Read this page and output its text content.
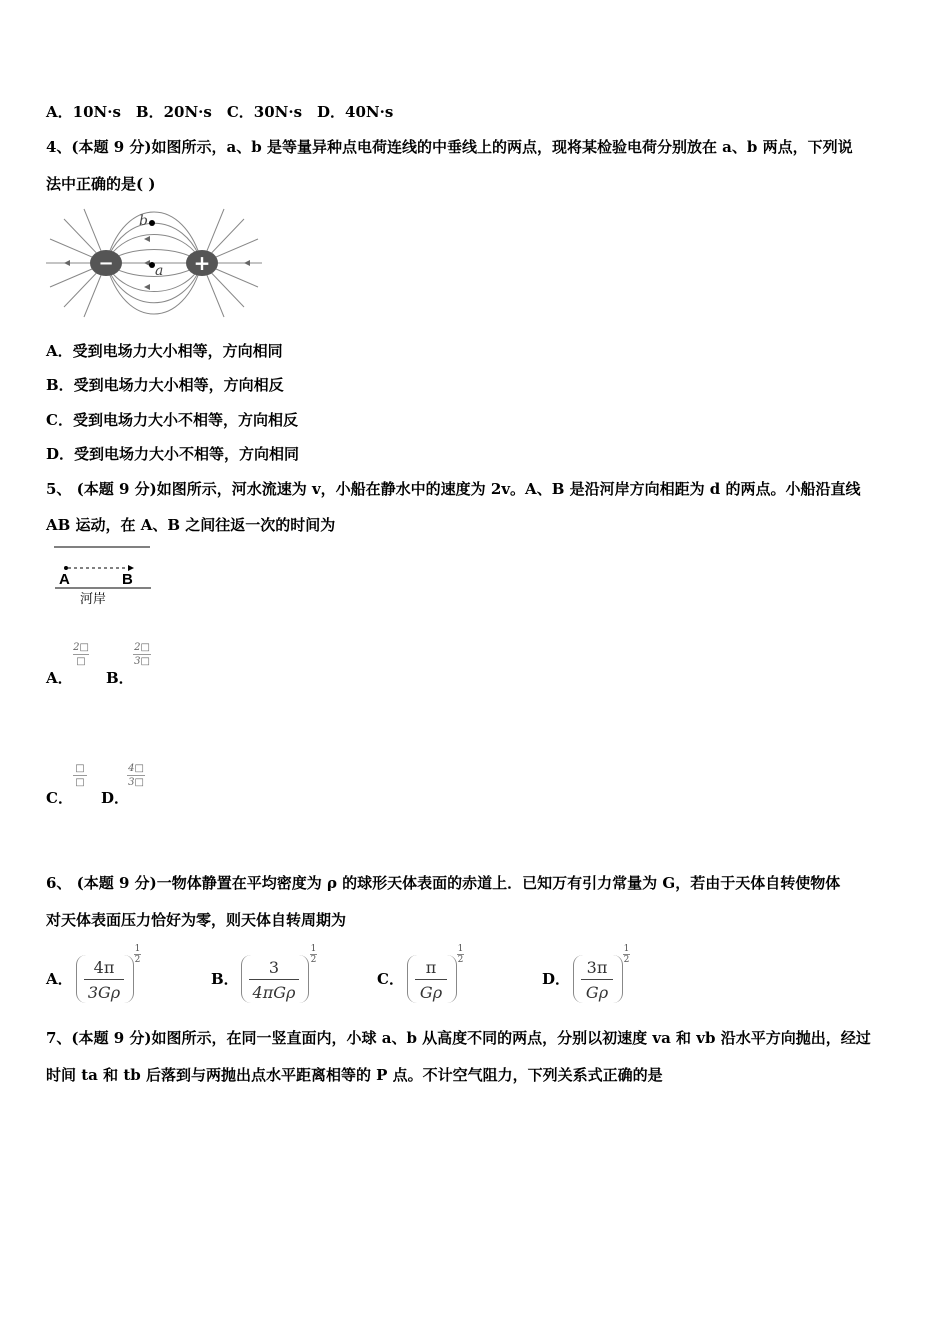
A．10N·s　B．20N·s　C．30N·s　D．40N·s
4、(本题 9 分)如图所示，a、b 是等量异种点电荷连线的中垂线上的两点，现将某检验电荷分别放在 a、b 两点，下列说
法中正确的是( )
−	+
b
a
A．受到电场力大小相等，方向相同
B．受到电场力大小相等，方向相反
C．受到电场力大小不相等，方向相反
D．受到电场力大小不相等，方向相同
5、 (本题 9 分)如图所示，河水流速为 v，小船在静水中的速度为 2v。A、B 是沿河岸方向相距为 d 的两点。小船沿直线
AB 运动，在 A、B 之间往返一次的时间为
A	B
河岸
A．
2□
□
B．
2□
3□
C．
□
□
D．
4□
3□
6、 (本题 9 分)一物体静置在平均密度为 ρ 的球形天体表面的赤道上．已知万有引力常量为 G，若由于天体自转使物体
对天体表面压力恰好为零，则天体自转周期为
A．
4π
3Gρ
1
2
B．
3
4πGρ
1
2
C．
π
Gρ
1
2
D．
3π
Gρ
1
2
7、(本题 9 分)如图所示，在同一竖直面内，小球 a、b 从高度不同的两点，分别以初速度 va 和 vb 沿水平方向抛出，经过
时间 ta 和 tb 后落到与两抛出点水平距离相等的 P 点。不计空气阻力，下列关系式正确的是
